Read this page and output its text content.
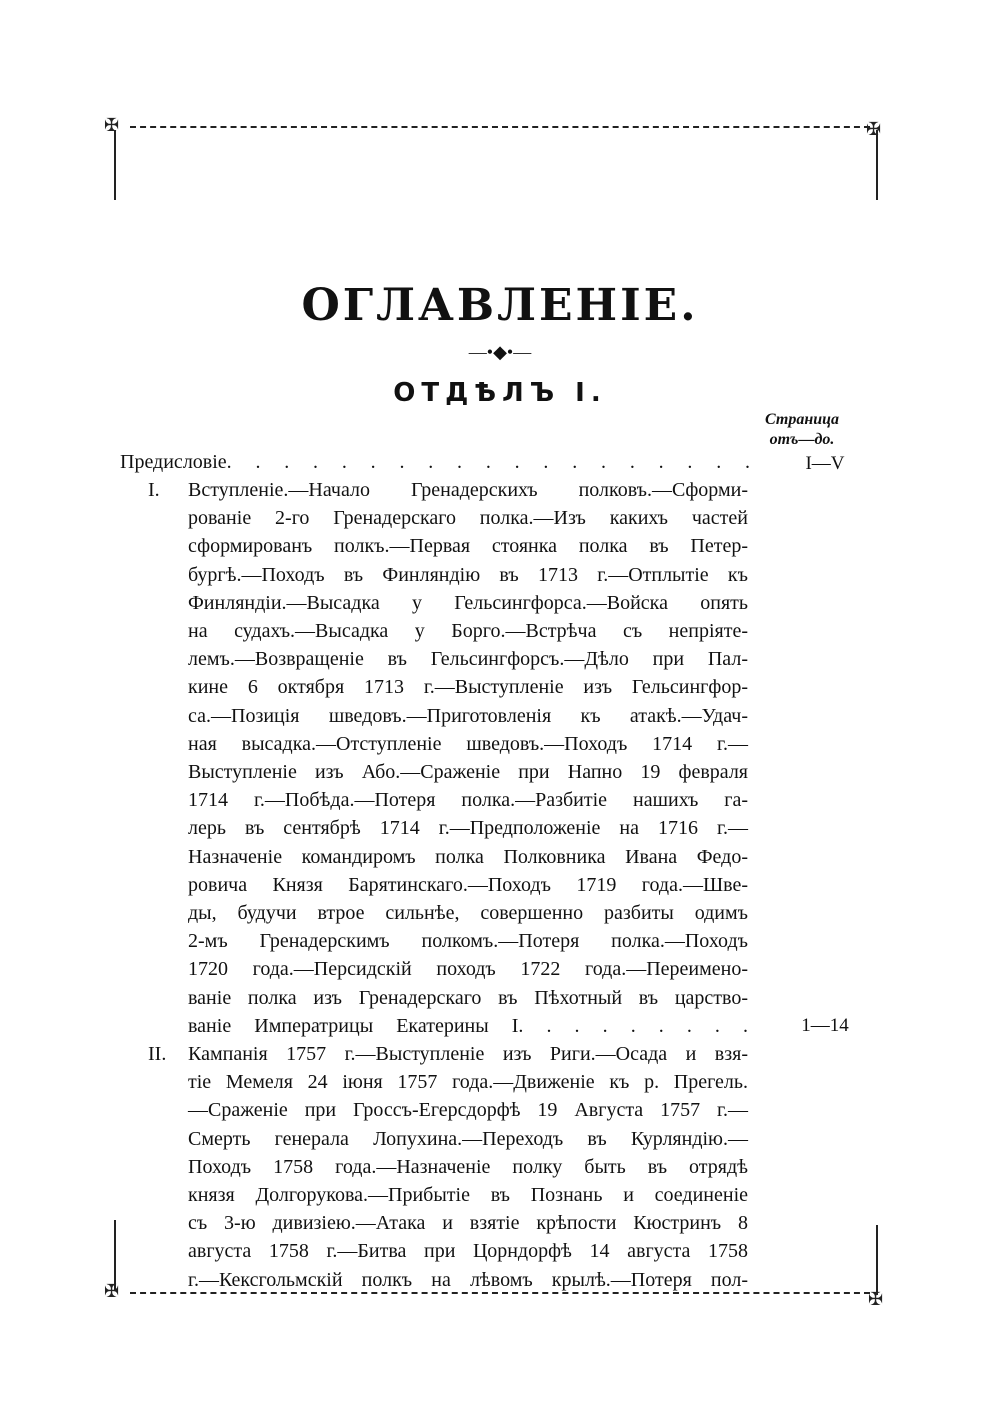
✠	✠
✠	✠
ОГЛАВЛЕНІЕ.
—•◆•—
ОТДѢЛЪ I.
Страница
отъ—до.
Предисловіе. . . . . . . . . . . . . . . . . . .	I—V
I. Вступленіе.—Начало Гренадерскихъ полковъ.—Сформи-
рованіе 2-го Гренадерскаго полка.—Изъ какихъ частей
сформированъ полкъ.—Первая стоянка полка въ Петер-
бургѣ.—Походъ въ Финляндію въ 1713 г.—Отплытіе къ
Финляндіи.—Высадка у Гельсингфорса.—Войска опять
на судахъ.—Высадка у Борго.—Встрѣча съ непріяте-
лемъ.—Возвращеніе въ Гельсингфорсъ.—Дѣло при Пал-
кине 6 октября 1713 г.—Выступленіе изъ Гельсингфор-
са.—Позиція шведовъ.—Приготовленія къ атакѣ.—Удач-
ная высадка.—Отступленіе шведовъ.—Походъ 1714 г.—
Выступленіе изъ Або.—Сраженіе при Напно 19 февраля
1714 г.—Побѣда.—Потеря полка.—Разбитіе нашихъ га-
лерь въ сентябрѣ 1714 г.—Предположеніе на 1716 г.—
Назначеніе командиромъ полка Полковника Ивана Федо-
ровича Князя Барятинскаго.—Походъ 1719 года.—Шве-
ды, будучи втрое сильнѣе, совершенно разбиты одимъ
2-мъ Гренадерскимъ полкомъ.—Потеря полка.—Походъ
1720 года.—Персидскій походъ 1722 года.—Переимено-
ваніе полка изъ Гренадерскаго въ Пѣхотный въ царство-
ваніе Императрицы Екатерины I. . . . . . . . .	1—14
II. Кампанія 1757 г.—Выступленіе изъ Риги.—Осада и взя-
тіе Мемеля 24 іюня 1757 года.—Движеніе къ р. Прегель.
—Сраженіе при Гроссъ-Егерсдорфѣ 19 Августа 1757 г.—
Смерть генерала Лопухина.—Переходъ въ Курляндію.—
Походъ 1758 года.—Назначеніе полку быть въ отрядѣ
князя Долгорукова.—Прибытіе въ Познань и соединеніе
съ 3-ю дивизіею.—Атака и взятіе крѣпости Кюстринъ 8
августа 1758 г.—Битва при Цорндорфѣ 14 августа 1758
г.—Кексгольмскій полкъ на лѣвомъ крылѣ.—Потеря пол-
